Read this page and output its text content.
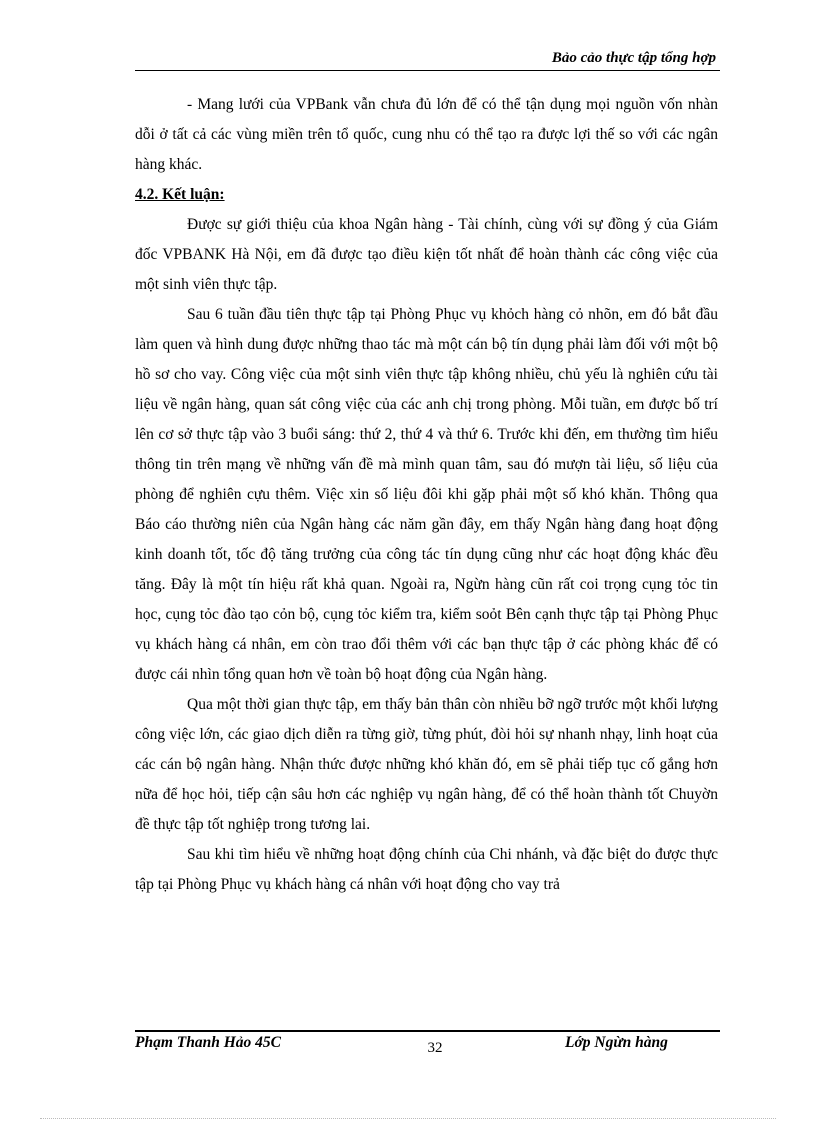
Bảo cảo thực tập tổng hợp

- Mang lưới của VPBank vẫn chưa đủ lớn để có thể tận dụng mọi nguồn vốn nhàn dỗi ở tất cả các vùng miền trên tổ quốc, cung nhu có thể tạo ra được lợi thế so với các ngân hàng khác.

4.2. Kết luận:

Được sự giới thiệu của khoa Ngân hàng - Tài chính, cùng với sự đồng ý của Giám đốc VPBANK Hà Nội, em đã được tạo điều kiện tốt nhất để hoàn thành các công việc của một sinh viên thực tập.

Sau 6 tuần đầu tiên thực tập tại Phòng Phục vụ khỏch hàng cỏ nhõn, em đó bắt đầu làm quen và hình dung được những thao tác mà một cán bộ tín dụng phải làm đối với một bộ hồ sơ cho vay. Công việc của một sinh viên thực tập không nhiều, chủ yếu là nghiên cứu tài liệu về ngân hàng, quan sát công việc của các anh chị trong phòng. Mỗi tuần, em được bố trí lên cơ sở thực tập vào 3 buổi sáng: thứ 2, thứ 4 và thứ 6. Trước khi đến, em thường tìm hiểu thông tin trên mạng về những vấn đề mà mình quan tâm, sau đó mượn tài liệu, số liệu của phòng để nghiên cựu thêm. Việc xin số liệu đôi khi gặp phải một số khó khăn. Thông qua Báo cáo thường niên của Ngân hàng các năm gần đây, em thấy Ngân hàng đang hoạt động kinh doanh tốt, tốc độ tăng trưởng của công tác tín dụng cũng như các hoạt động khác đều tăng. Đây là một tín hiệu rất khả quan. Ngoài ra, Ngừn hàng cũn rất coi trọng cụng tỏc tin học, cụng tỏc đào tạo cỏn bộ, cụng tỏc kiểm tra, kiểm soỏt Bên cạnh thực tập tại Phòng Phục vụ khách hàng cá nhân, em còn trao đổi thêm với các bạn thực tập ở các phòng khác để có được cái nhìn tổng quan hơn về toàn bộ hoạt động của Ngân hàng.

Qua một thời gian thực tập, em thấy bản thân còn nhiều bỡ ngỡ trước một khối lượng công việc lớn, các giao dịch diễn ra từng giờ, từng phút, đòi hỏi sự nhanh nhạy, linh hoạt của các cán bộ ngân hàng. Nhận thức được những khó khăn đó, em sẽ phải tiếp tục cố gắng hơn nữa để học hỏi, tiếp cận sâu hơn các nghiệp vụ ngân hàng, để có thể hoàn thành tốt Chuyờn đề thực tập tốt nghiệp trong tương lai.

Sau khi tìm hiểu về những hoạt động chính của Chi nhánh, và đặc biệt do được thực tập tại Phòng Phục vụ khách hàng cá nhân với hoạt động cho vay trả

Phạm Thanh Hảo 45C	32	Lớp Ngừn hàng
